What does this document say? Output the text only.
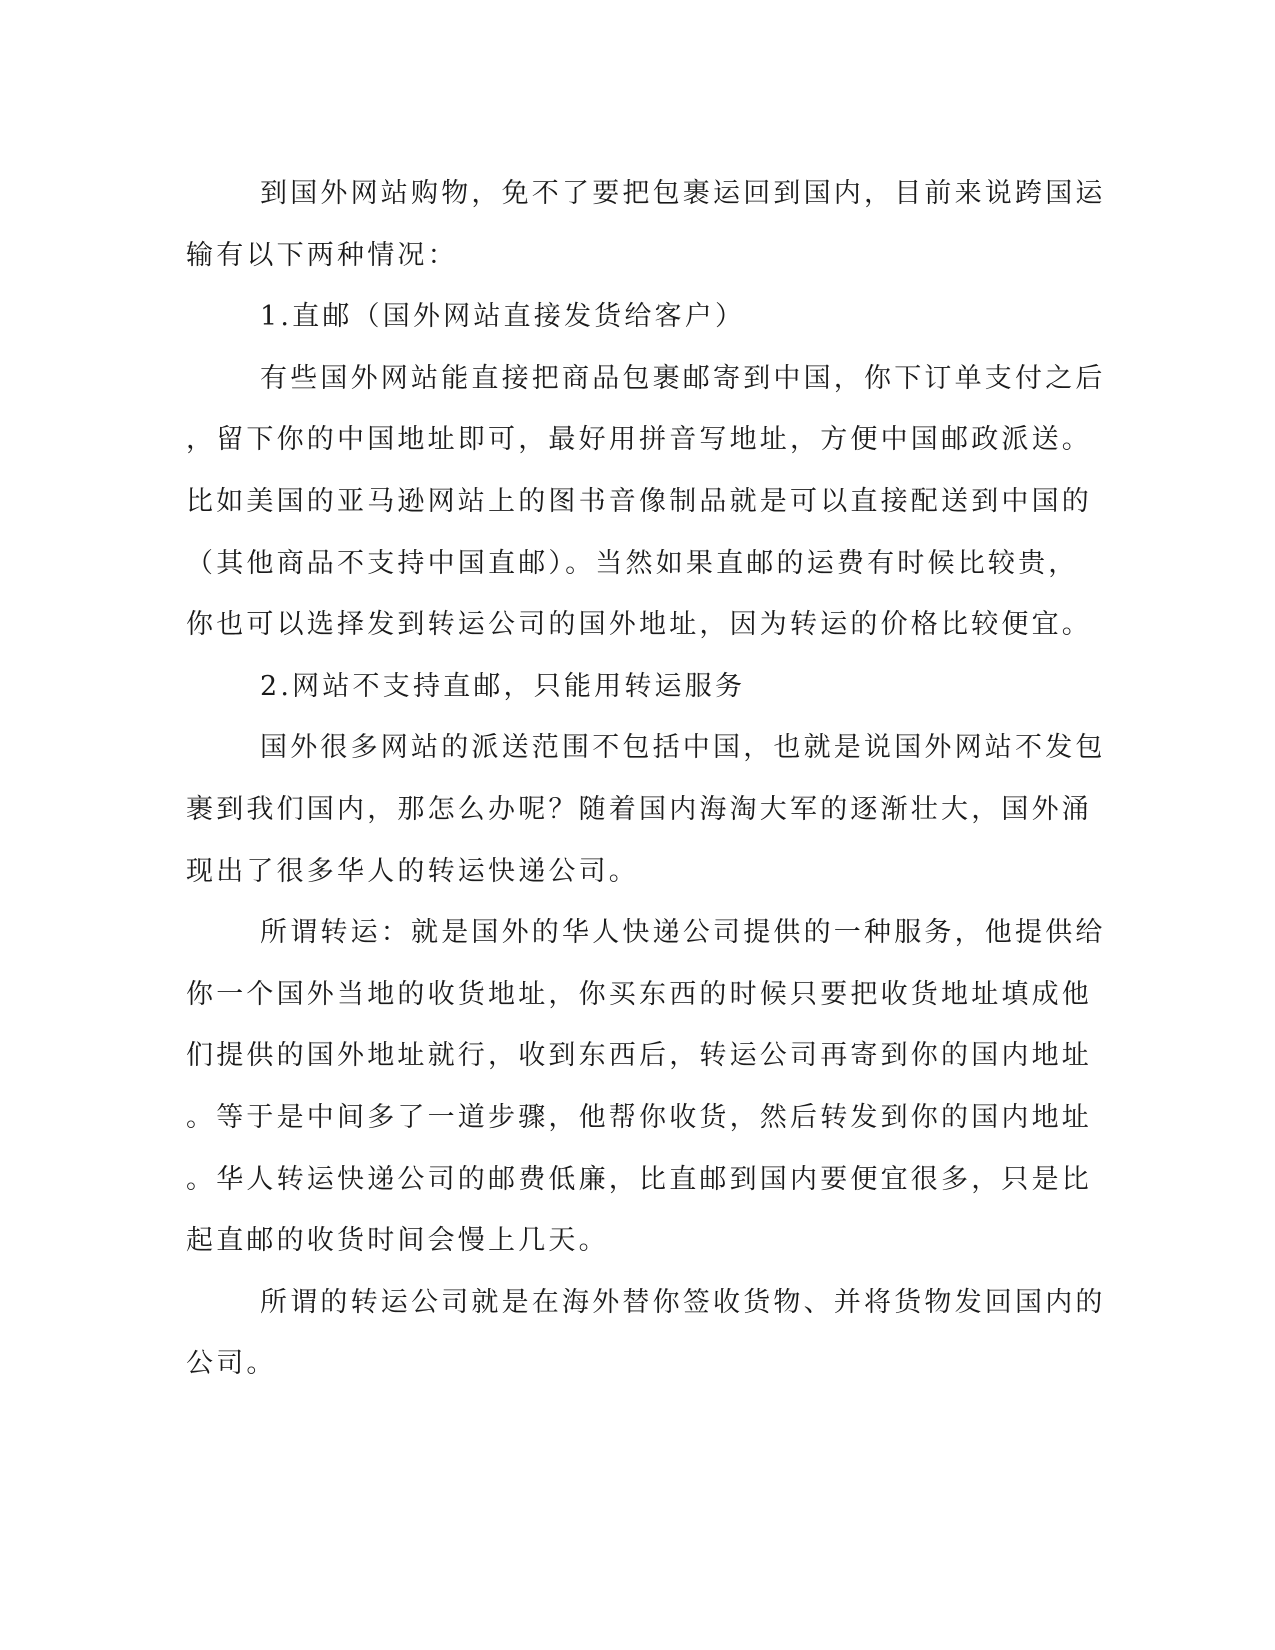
到国外网站购物，免不了要把包裹运回到国内，目前来说跨国运
输有以下两种情况：
1.直邮（国外网站直接发货给客户）
有些国外网站能直接把商品包裹邮寄到中国，你下订单支付之后
，留下你的中国地址即可，最好用拼音写地址，方便中国邮政派送。
比如美国的亚马逊网站上的图书音像制品就是可以直接配送到中国的
（其他商品不支持中国直邮）。当然如果直邮的运费有时候比较贵，
你也可以选择发到转运公司的国外地址，因为转运的价格比较便宜。
2.网站不支持直邮，只能用转运服务
国外很多网站的派送范围不包括中国，也就是说国外网站不发包
裹到我们国内，那怎么办呢？随着国内海淘大军的逐渐壮大，国外涌
现出了很多华人的转运快递公司。
所谓转运：就是国外的华人快递公司提供的一种服务，他提供给
你一个国外当地的收货地址，你买东西的时候只要把收货地址填成他
们提供的国外地址就行，收到东西后，转运公司再寄到你的国内地址
。等于是中间多了一道步骤，他帮你收货，然后转发到你的国内地址
。华人转运快递公司的邮费低廉，比直邮到国内要便宜很多，只是比
起直邮的收货时间会慢上几天。
所谓的转运公司就是在海外替你签收货物、并将货物发回国内的
公司。
